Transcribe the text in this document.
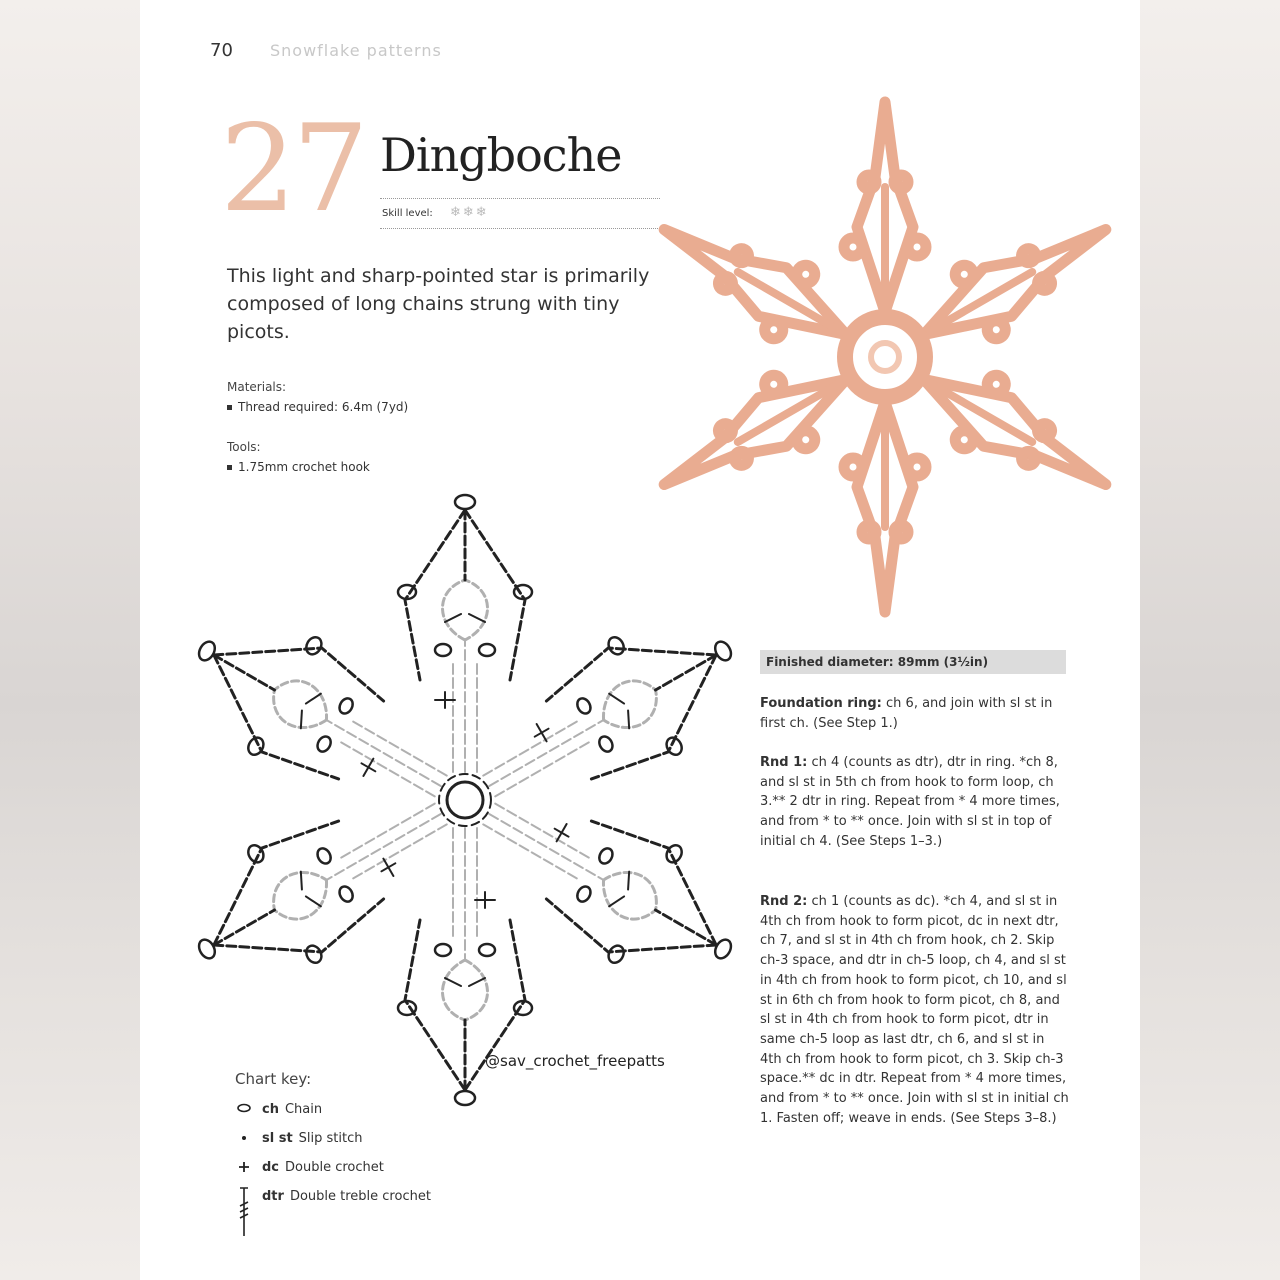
70 Snowflake patterns
27 Dingboche
Skill level: ❄❄❄
This light and sharp-pointed star is primarily composed of long chains strung with tiny picots.
Materials:
Thread required: 6.4m (7yd)
Tools:
1.75mm crochet hook
@sav_crochet_freepatts
Chart key:
ch Chain
sl st Slip stitch
dc Double crochet
dtr Double treble crochet
Finished diameter: 89mm (3½in)
Foundation ring: ch 6, and join with sl st in first ch. (See Step 1.)
Rnd 1: ch 4 (counts as dtr), dtr in ring. *ch 8, and sl st in 5th ch from hook to form loop, ch 3.** 2 dtr in ring. Repeat from * 4 more times, and from * to ** once. Join with sl st in top of initial ch 4. (See Steps 1–3.)
Rnd 2: ch 1 (counts as dc). *ch 4, and sl st in 4th ch from hook to form picot, dc in next dtr, ch 7, and sl st in 4th ch from hook, ch 2. Skip ch-3 space, and dtr in ch-5 loop, ch 4, and sl st in 4th ch from hook to form picot, ch 10, and sl st in 6th ch from hook to form picot, ch 8, and sl st in 4th ch from hook to form picot, dtr in same ch-5 loop as last dtr, ch 6, and sl st in 4th ch from hook to form picot, ch 3. Skip ch-3 space.** dc in dtr. Repeat from * 4 more times, and from * to ** once. Join with sl st in initial ch 1. Fasten off; weave in ends. (See Steps 3–8.)
